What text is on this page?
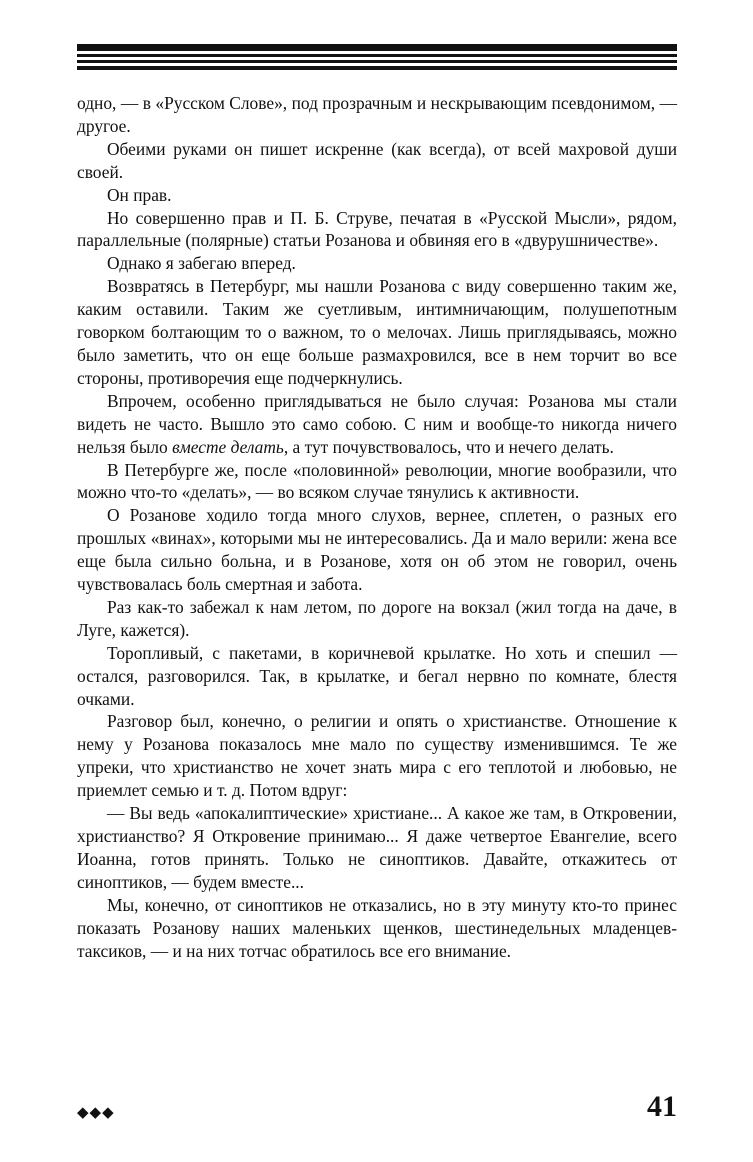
одно, — в «Русском Слове», под прозрачным и нескрывающим псевдонимом, — другое.

Обеими руками он пишет искренне (как всегда), от всей махровой души своей.

Он прав.

Но совершенно прав и П. Б. Струве, печатая в «Русской Мысли», рядом, параллельные (полярные) статьи Розанова и обвиняя его в «двурушничестве».

Однако я забегаю вперед.

Возвратясь в Петербург, мы нашли Розанова с виду совершенно таким же, каким оставили. Таким же суетливым, интимничающим, полушепотным говорком болтающим то о важном, то о мелочах. Лишь приглядываясь, можно было заметить, что он еще больше размахровился, все в нем торчит во все стороны, противоречия еще подчеркнулись.

Впрочем, особенно приглядываться не было случая: Розанова мы стали видеть не часто. Вышло это само собою. С ним и вообще-то никогда ничего нельзя было вместе делать, а тут почувствовалось, что и нечего делать.

В Петербурге же, после «половинной» революции, многие вообразили, что можно что-то «делать», — во всяком случае тянулись к активности.

О Розанове ходило тогда много слухов, вернее, сплетен, о разных его прошлых «винах», которыми мы не интересовались. Да и мало верили: жена все еще была сильно больна, и в Розанове, хотя он об этом не говорил, очень чувствовалась боль смертная и забота.

Раз как-то забежал к нам летом, по дороге на вокзал (жил тогда на даче, в Луге, кажется).

Торопливый, с пакетами, в коричневой крылатке. Но хоть и спешил — остался, разговорился. Так, в крылатке, и бегал нервно по комнате, блестя очками.

Разговор был, конечно, о религии и опять о христианстве. Отношение к нему у Розанова показалось мне мало по существу изменившимся. Те же упреки, что христианство не хочет знать мира с его теплотой и любовью, не приемлет семью и т. д. Потом вдруг:

— Вы ведь «апокалиптические» христиане... А какое же там, в Откровении, христианство? Я Откровение принимаю... Я даже четвертое Евангелие, всего Иоанна, готов принять. Только не синоптиков. Давайте, откажитесь от синоптиков, — будем вместе...

Мы, конечно, от синоптиков не отказались, но в эту минуту кто-то принес показать Розанову наших маленьких щенков, шестинедельных младенцев-таксиков, — и на них тотчас обратилось все его внимание.

◆◆◆	41
